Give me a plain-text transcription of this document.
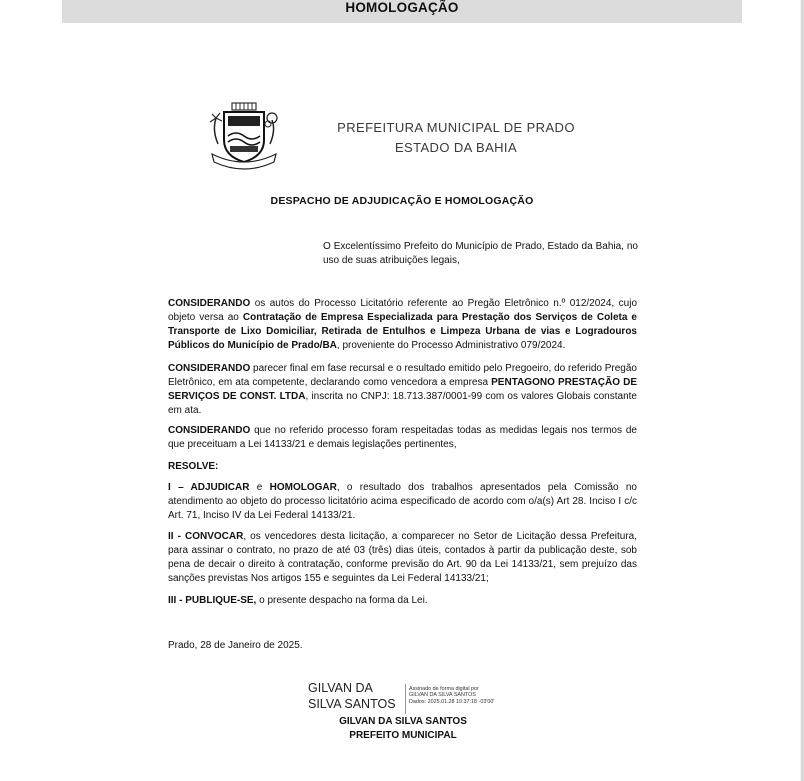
HOMOLOGAÇÃO
PREFEITURA MUNICIPAL DE PRADO
ESTADO DA BAHIA
DESPACHO DE ADJUDICAÇÃO E HOMOLOGAÇÃO
O Excelentíssimo Prefeito do Município de Prado, Estado da Bahia, no uso de suas atribuições legais,
CONSIDERANDO os autos do Processo Licitatório referente ao Pregão Eletrônico n.º 012/2024, cujo objeto versa ao Contratação de Empresa Especializada para Prestação dos Serviços de Coleta e Transporte de Lixo Domiciliar, Retirada de Entulhos e Limpeza Urbana de vias e Logradouros Públicos do Município de Prado/BA, proveniente do Processo Administrativo 079/2024.
CONSIDERANDO parecer final em fase recursal e o resultado emitido pelo Pregoeiro, do referido Pregão Eletrônico, em ata competente, declarando como vencedora a empresa PENTAGONO PRESTAÇÃO DE SERVIÇOS DE CONST. LTDA, inscrita no CNPJ: 18.713.387/0001-99 com os valores Globais constante em ata.
CONSIDERANDO que no referido processo foram respeitadas todas as medidas legais nos termos de que preceituam a Lei 14133/21 e demais legislações pertinentes,
RESOLVE:
I – ADJUDICAR e HOMOLOGAR, o resultado dos trabalhos apresentados pela Comissão no atendimento ao objeto do processo licitatório acima especificado de acordo com o/a(s) Art 28. Inciso I c/c Art. 71, Inciso IV da Lei Federal 14133/21.
II - CONVOCAR, os vencedores desta licitação, a comparecer no Setor de Licitação dessa Prefeitura, para assinar o contrato, no prazo de até 03 (três) dias úteis, contados à partir da publicação deste, sob pena de decair o direito à contratação, conforme previsão do Art. 90 da Lei 14133/21, sem prejuízo das sanções previstas Nos artigos 155 e seguintes da Lei Federal 14133/21;
III - PUBLIQUE-SE, o presente despacho na forma da Lei.
Prado, 28 de Janeiro de 2025.
GILVAN DA
SILVA SANTOS
Assinado de forma digital por
GILVAN DA SILVA SANTOS
Dados: 2025.01.28 10:37:18 -03'00'
GILVAN DA SILVA SANTOS
PREFEITO MUNICIPAL
